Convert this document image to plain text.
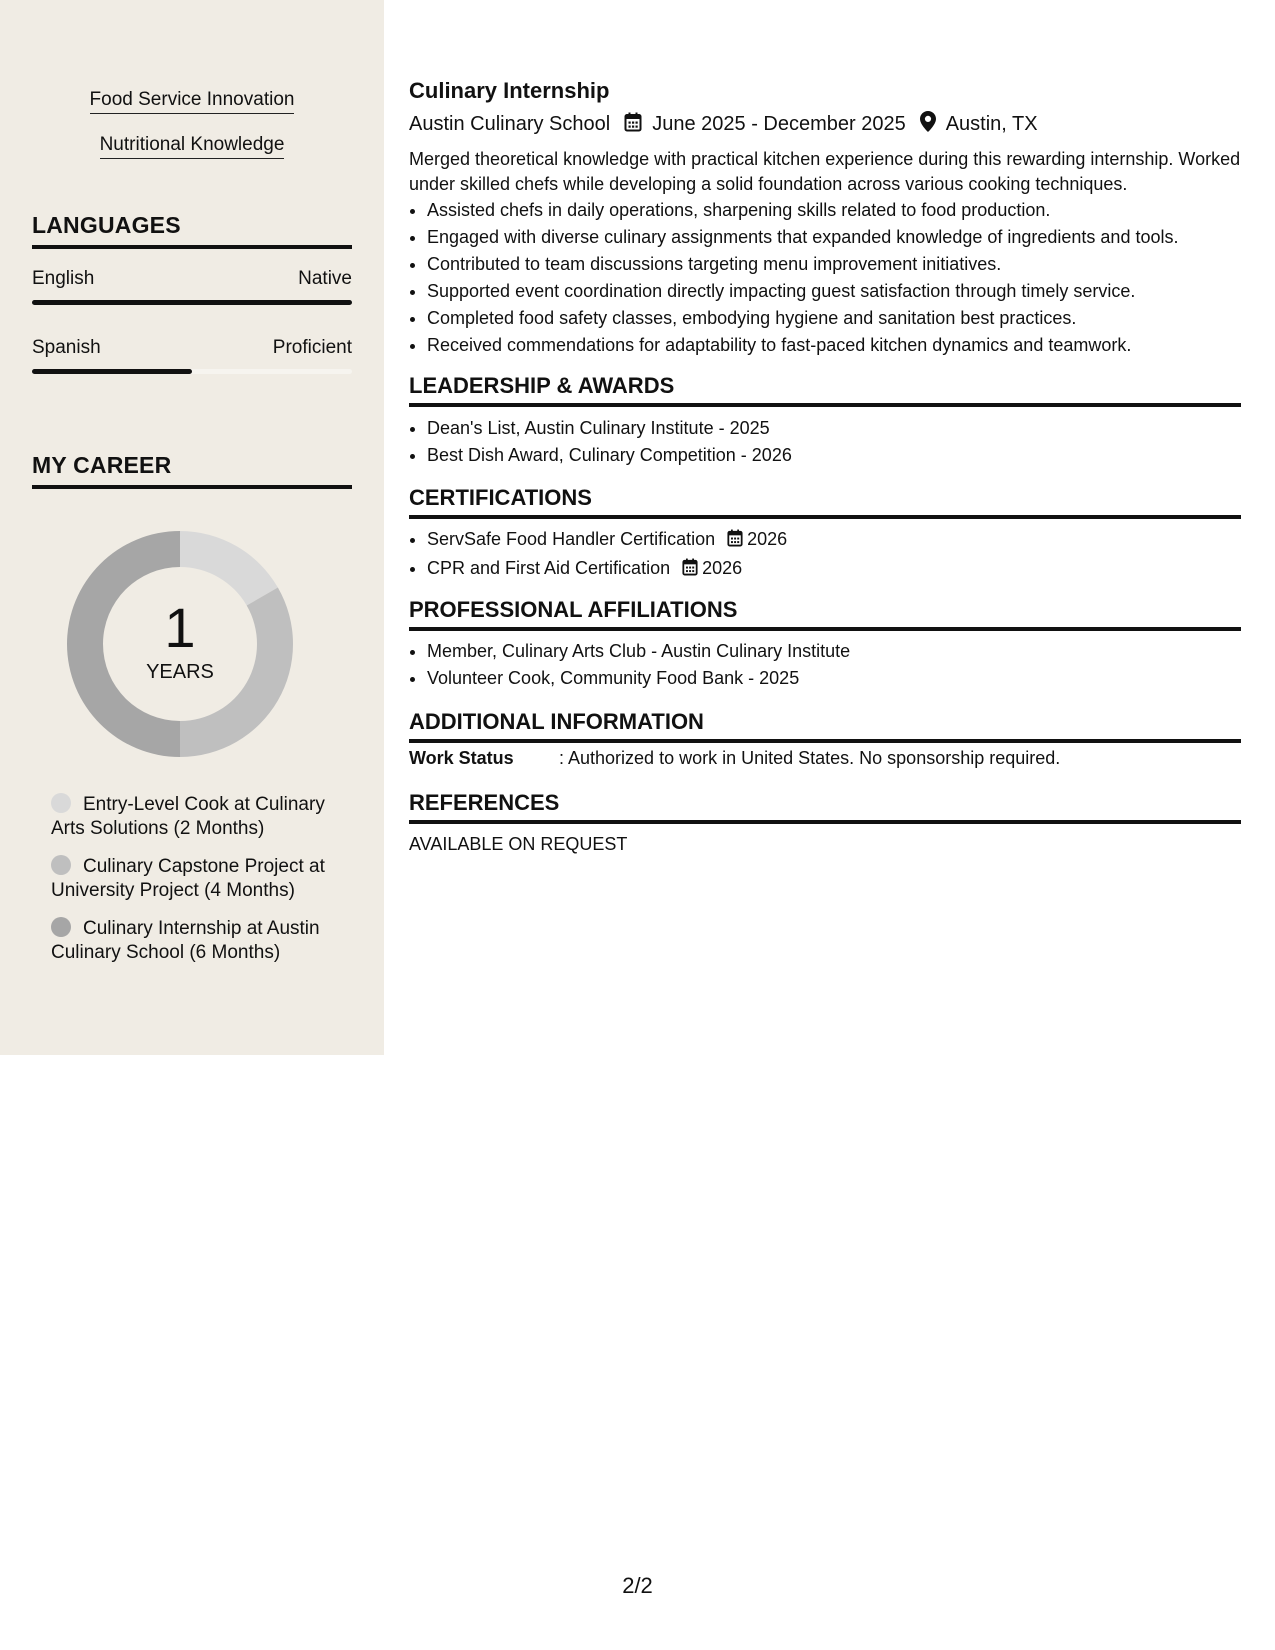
Food Service Innovation
Nutritional Knowledge
LANGUAGES
English	Native
Spanish	Proficient
MY CAREER
1
YEARS
Entry-Level Cook at Culinary Arts Solutions (2 Months)
Culinary Capstone Project at University Project (4 Months)
Culinary Internship at Austin Culinary School (6 Months)
Culinary Internship
Austin Culinary School June 2025 - December 2025 Austin, TX
Merged theoretical knowledge with practical kitchen experience during this rewarding internship. Worked under skilled chefs while developing a solid foundation across various cooking techniques.
• Assisted chefs in daily operations, sharpening skills related to food production.
• Engaged with diverse culinary assignments that expanded knowledge of ingredients and tools.
• Contributed to team discussions targeting menu improvement initiatives.
• Supported event coordination directly impacting guest satisfaction through timely service.
• Completed food safety classes, embodying hygiene and sanitation best practices.
• Received commendations for adaptability to fast-paced kitchen dynamics and teamwork.
LEADERSHIP & AWARDS
• Dean's List, Austin Culinary Institute - 2025
• Best Dish Award, Culinary Competition - 2026
CERTIFICATIONS
• ServSafe Food Handler Certification 2026
• CPR and First Aid Certification 2026
PROFESSIONAL AFFILIATIONS
• Member, Culinary Arts Club - Austin Culinary Institute
• Volunteer Cook, Community Food Bank - 2025
ADDITIONAL INFORMATION
Work Status	: Authorized to work in United States. No sponsorship required.
REFERENCES
AVAILABLE ON REQUEST
2/2
